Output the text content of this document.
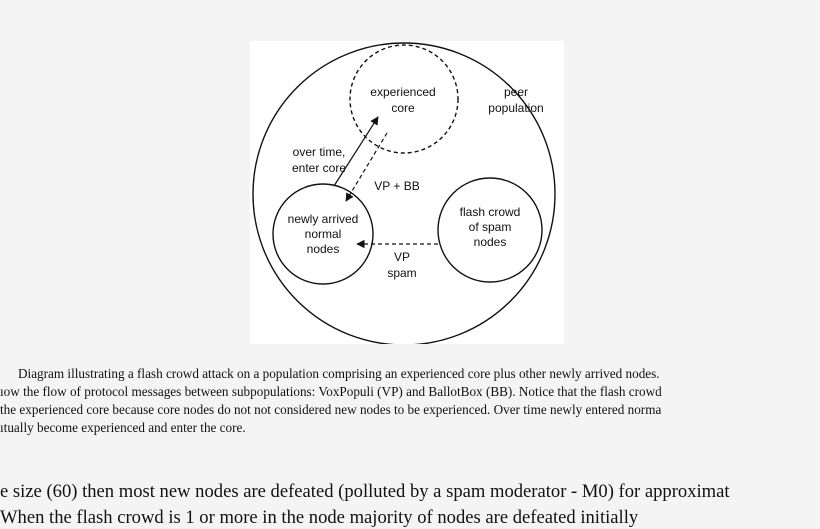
experienced
core
peer
population
over time,
enter core
VP + BB
newly arrived
normal
nodes
flash crowd
of spam
nodes
VP
spam
Diagram illustrating a flash crowd attack on a population comprising an experienced core plus other newly arrived nodes.
ıow the flow of protocol messages between subpopulations: VoxPopuli (VP) and BallotBox (BB). Notice that the flash crowd
the experienced core because core nodes do not not considered new nodes to be experienced. Over time newly entered norma
ıtually become experienced and enter the core.
e size (60) then most new nodes are defeated (polluted by a spam moderator - M0) for approximat
When the flash crowd is 1 or more in the node majority of nodes are defeated initially
